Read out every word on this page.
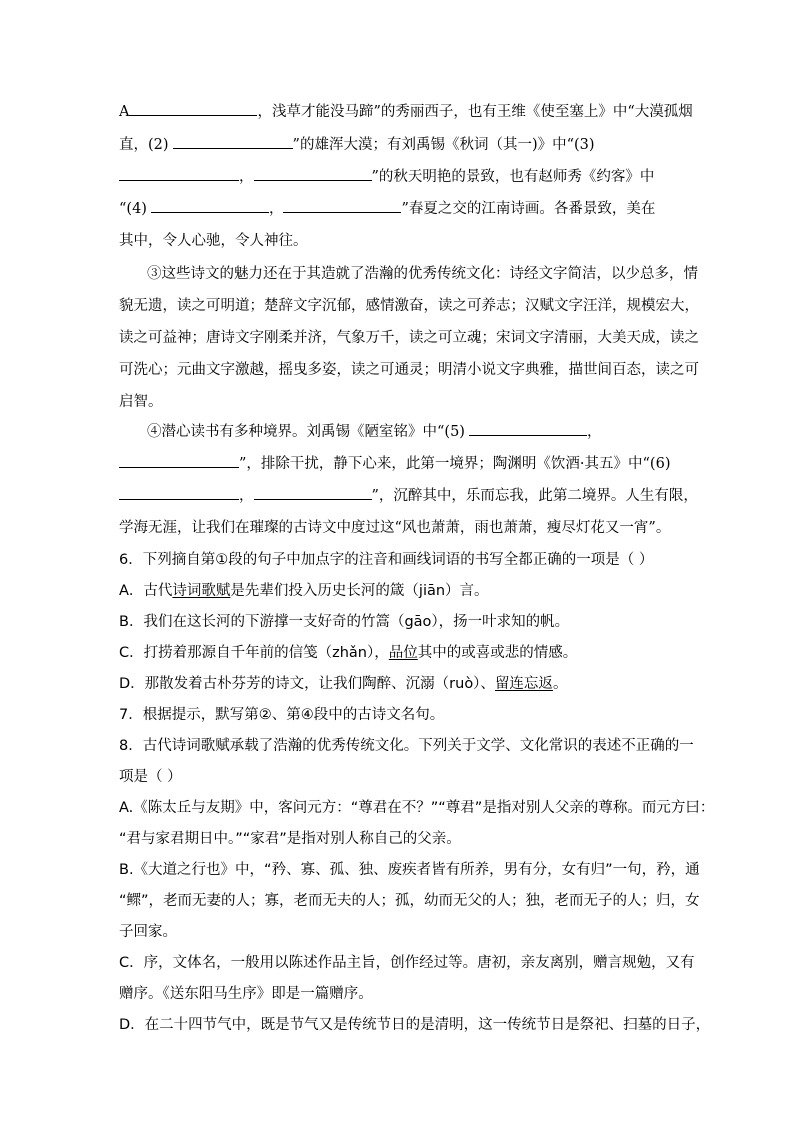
A	，浅草才能没马蹄”的秀丽西子，也有王维《使至塞上》中“大漠孤烟
直，(2)	”的雄浑大漠；有刘禹锡《秋词（其一)》中“(3)
，	”的秋天明艳的景致，也有赵师秀《约客》中
“(4)	，	”春夏之交的江南诗画。各番景致，美在
其中，令人心驰，令人神往。
③这些诗文的魅力还在于其造就了浩瀚的优秀传统文化：诗经文字简洁，以少总多，情
貌无遗，读之可明道；楚辞文字沉郁，感情激奋，读之可养志；汉赋文字汪洋，规模宏大，
读之可益神；唐诗文字刚柔并济，气象万千，读之可立魂；宋词文字清丽，大美天成，读之
可洗心；元曲文字激越，摇曳多姿，读之可通灵；明清小说文字典雅，描世间百态，读之可
启智。
④潜心读书有多种境界。刘禹锡《陋室铭》中“(5)	，
”，排除干扰，静下心来，此第一境界；陶渊明《饮酒·其五》中“(6)
，	”，沉醉其中，乐而忘我，此第二境界。人生有限，
学海无涯，让我们在璀璨的古诗文中度过这“风也萧萧，雨也萧萧，瘦尽灯花又一宵”。
6．下列摘自第①段的句子中加点字的注音和画线词语的书写全都正确的一项是（ ）
A．古代诗词歌赋是先辈们投入历史长河的箴（jiān）言。
B．我们在这长河的下游撑一支好奇的竹篙（gāo），扬一叶求知的帆。
C．打捞着那源自千年前的信笺（zhǎn），品位其中的或喜或悲的情感。
D．那散发着古朴芬芳的诗文，让我们陶醉、沉溺（ruò）、留连忘返。
7．根据提示，默写第②、第④段中的古诗文名句。
8．古代诗词歌赋承载了浩瀚的优秀传统文化。下列关于文学、文化常识的表述不正确的一
项是（ ）
A.《陈太丘与友期》中，客问元方：“尊君在不？”“尊君”是指对别人父亲的尊称。而元方曰：
“君与家君期日中。”“家君”是指对别人称自己的父亲。
B.《大道之行也》中，“矜、寡、孤、独、废疾者皆有所养，男有分，女有归”一句，矜，通
“鳏”，老而无妻的人；寡，老而无夫的人；孤，幼而无父的人；独，老而无子的人；归，女
子回家。
C．序，文体名，一般用以陈述作品主旨，创作经过等。唐初，亲友离别，赠言规勉，又有
赠序。《送东阳马生序》即是一篇赠序。
D．在二十四节气中，既是节气又是传统节日的是清明，这一传统节日是祭祀、扫墓的日子，
